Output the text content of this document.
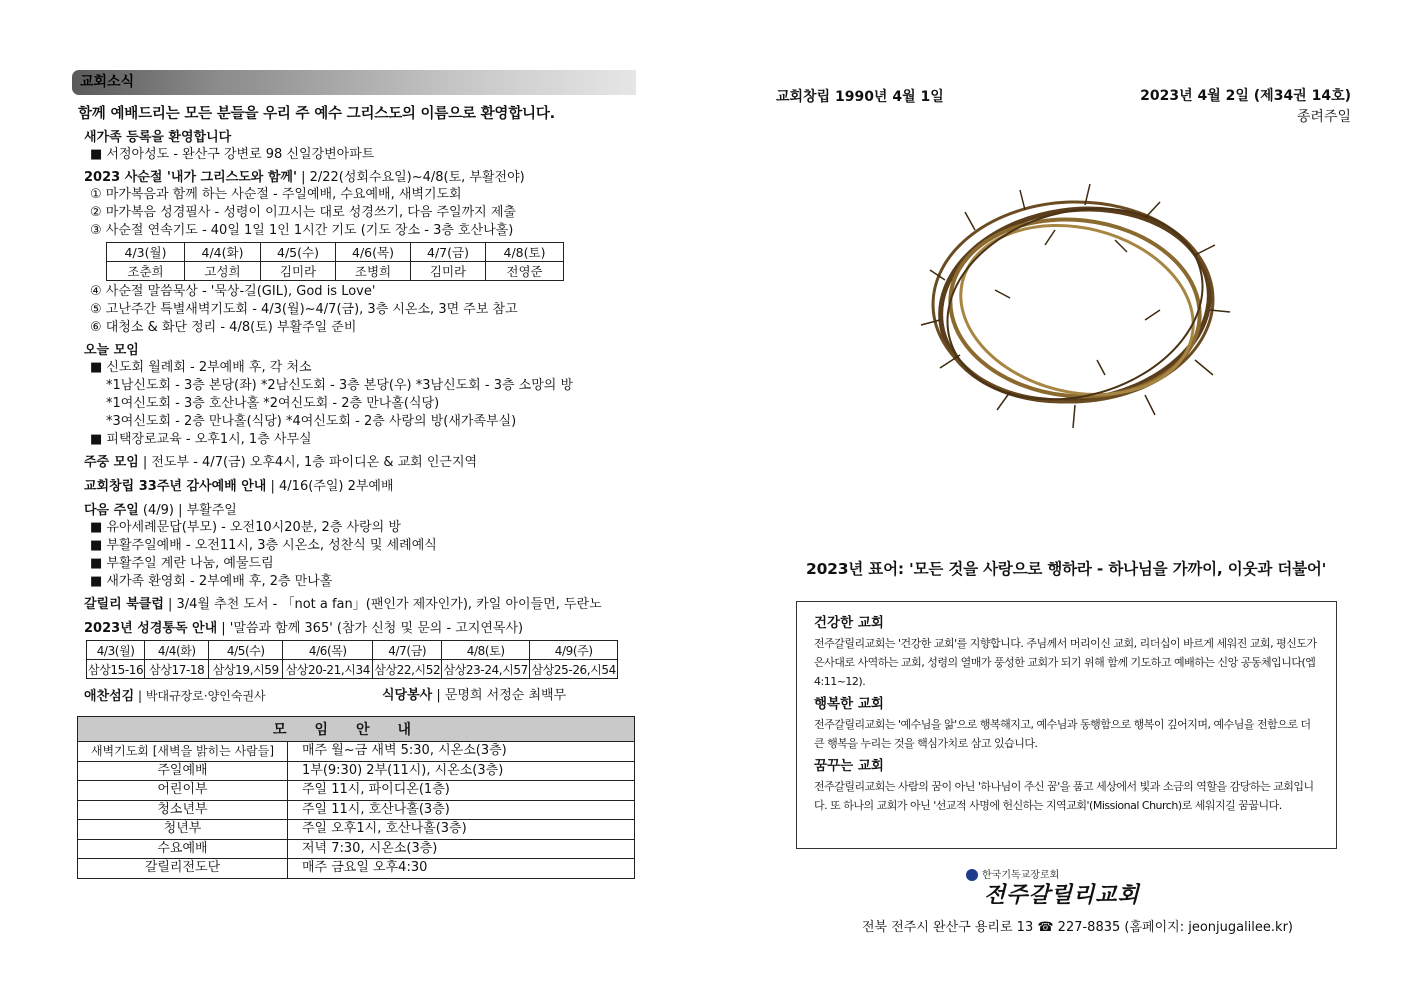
교회소식
함께 예배드리는 모든 분들을 우리 주 예수 그리스도의 이름으로 환영합니다.
새가족 등록을 환영합니다
■ 서정아성도 - 완산구 강변로 98 신일강변아파트
2023 사순절 '내가 그리스도와 함께' | 2/22(성회수요일)~4/8(토, 부활전야)
① 마가복음과 함께 하는 사순절 - 주일예배, 수요예배, 새벽기도회
② 마가복음 성경필사 - 성령이 이끄시는 대로 성경쓰기, 다음 주일까지 제출
③ 사순절 연속기도 - 40일 1일 1인 1시간 기도 (기도 장소 - 3층 호산나홀)
4/3(월)	4/4(화)	4/5(수)	4/6(목)	4/7(금)	4/8(토)
조춘희	고성희	김미라	조병희	김미라	전영준
④ 사순절 말씀묵상 - '묵상-길(GIL), God is Love'
⑤ 고난주간 특별새벽기도회 - 4/3(월)~4/7(금), 3층 시온소, 3면 주보 참고
⑥ 대청소 & 화단 정리 - 4/8(토) 부활주일 준비
오늘 모임
■ 신도회 월례회 - 2부예배 후, 각 처소
*1남신도회 - 3층 본당(좌) *2남신도회 - 3층 본당(우) *3남신도회 - 3층 소망의 방
*1여신도회 - 3층 호산나홀 *2여신도회 - 2층 만나홀(식당)
*3여신도회 - 2층 만나홀(식당) *4여신도회 - 2층 사랑의 방(새가족부실)
■ 피택장로교육 - 오후1시, 1층 사무실
주중 모임 | 전도부 - 4/7(금) 오후4시, 1층 파이디온 & 교회 인근지역
교회창립 33주년 감사예배 안내 | 4/16(주일) 2부예배
다음 주일 (4/9) | 부활주일
■ 유아세례문답(부모) - 오전10시20분, 2층 사랑의 방
■ 부활주일예배 - 오전11시, 3층 시온소, 성찬식 및 세례예식
■ 부활주일 계란 나눔, 예물드림
■ 새가족 환영회 - 2부예배 후, 2층 만나홀
갈릴리 북클럽 | 3/4월 추천 도서 - 「not a fan」(팬인가 제자인가), 카일 아이들먼, 두란노
2023년 성경통독 안내 | '말씀과 함께 365' (참가 신청 및 문의 - 고지연목사)
4/3(월)	4/4(화)	4/5(수)	4/6(목)	4/7(금)	4/8(토)	4/9(주)
삼상15-16	삼상17-18	삼상19,시59	삼상20-21,시34	삼상22,시52	삼상23-24,시57	삼상25-26,시54
애찬섬김 | 박대규장로·양인숙권사	식당봉사 | 문명희 서정순 최백무
모임안내	
새벽기도회 [새벽을 밝히는 사람들]	매주 월~금 새벽 5:30, 시온소(3층)
주일예배	1부(9:30) 2부(11시), 시온소(3층)
어린이부	주일 11시, 파이디온(1층)
청소년부	주일 11시, 호산나홀(3층)
청년부	주일 오후1시, 호산나홀(3층)
수요예배	저녁 7:30, 시온소(3층)
갈릴리전도단	매주 금요일 오후4:30
교회창립 1990년 4월 1일	2023년 4월 2일 (제34권 14호)
종려주일
2023년 표어: '모든 것을 사랑으로 행하라 - 하나님을 가까이, 이웃과 더불어'
건강한 교회
전주갈릴리교회는 '건강한 교회'를 지향합니다. 주님께서 머리이신 교회, 리더십이 바르게 세워진 교회, 평신도가 은사대로 사역하는 교회, 성령의 열매가 풍성한 교회가 되기 위해 함께 기도하고 예배하는 신앙 공동체입니다(엡4:11~12).
행복한 교회
전주갈릴리교회는 '예수님을 앎'으로 행복해지고, 예수님과 동행함으로 행복이 깊어지며, 예수님을 전함으로 더 큰 행복을 누리는 것을 핵심가치로 삼고 있습니다.
꿈꾸는 교회
전주갈릴리교회는 사람의 꿈이 아닌 '하나님이 주신 꿈'을 품고 세상에서 빛과 소금의 역할을 감당하는 교회입니다. 또 하나의 교회가 아닌 '선교적 사명에 헌신하는 지역교회'(Missional Church)로 세워지길 꿈꿉니다.
한국기독교장로회
전주갈릴리교회
전북 전주시 완산구 용리로 13 ☎ 227-8835 (홈페이지: jeonjugalilee.kr)
